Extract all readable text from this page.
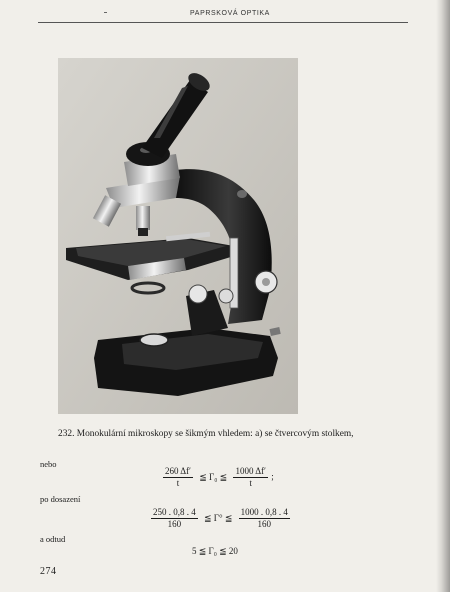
PAPRSKOVÁ OPTIKA
232. Monokulární mikroskopy se šikmým vhledem: a) se čtvercovým stolkem,
nebo
$\frac{260 \Delta f'}{t}$ ≦ Γ₀ ≦ $\frac{1000 \Delta f'}{t}$ ;
po dosazení
$\frac{250 . 0,8 . 4}{160}$ ≦ Γ° ≦ $\frac{1000 . 0,8 . 4}{160}$
a odtud
5 ≦ Γ₀ ≦ 20
274
